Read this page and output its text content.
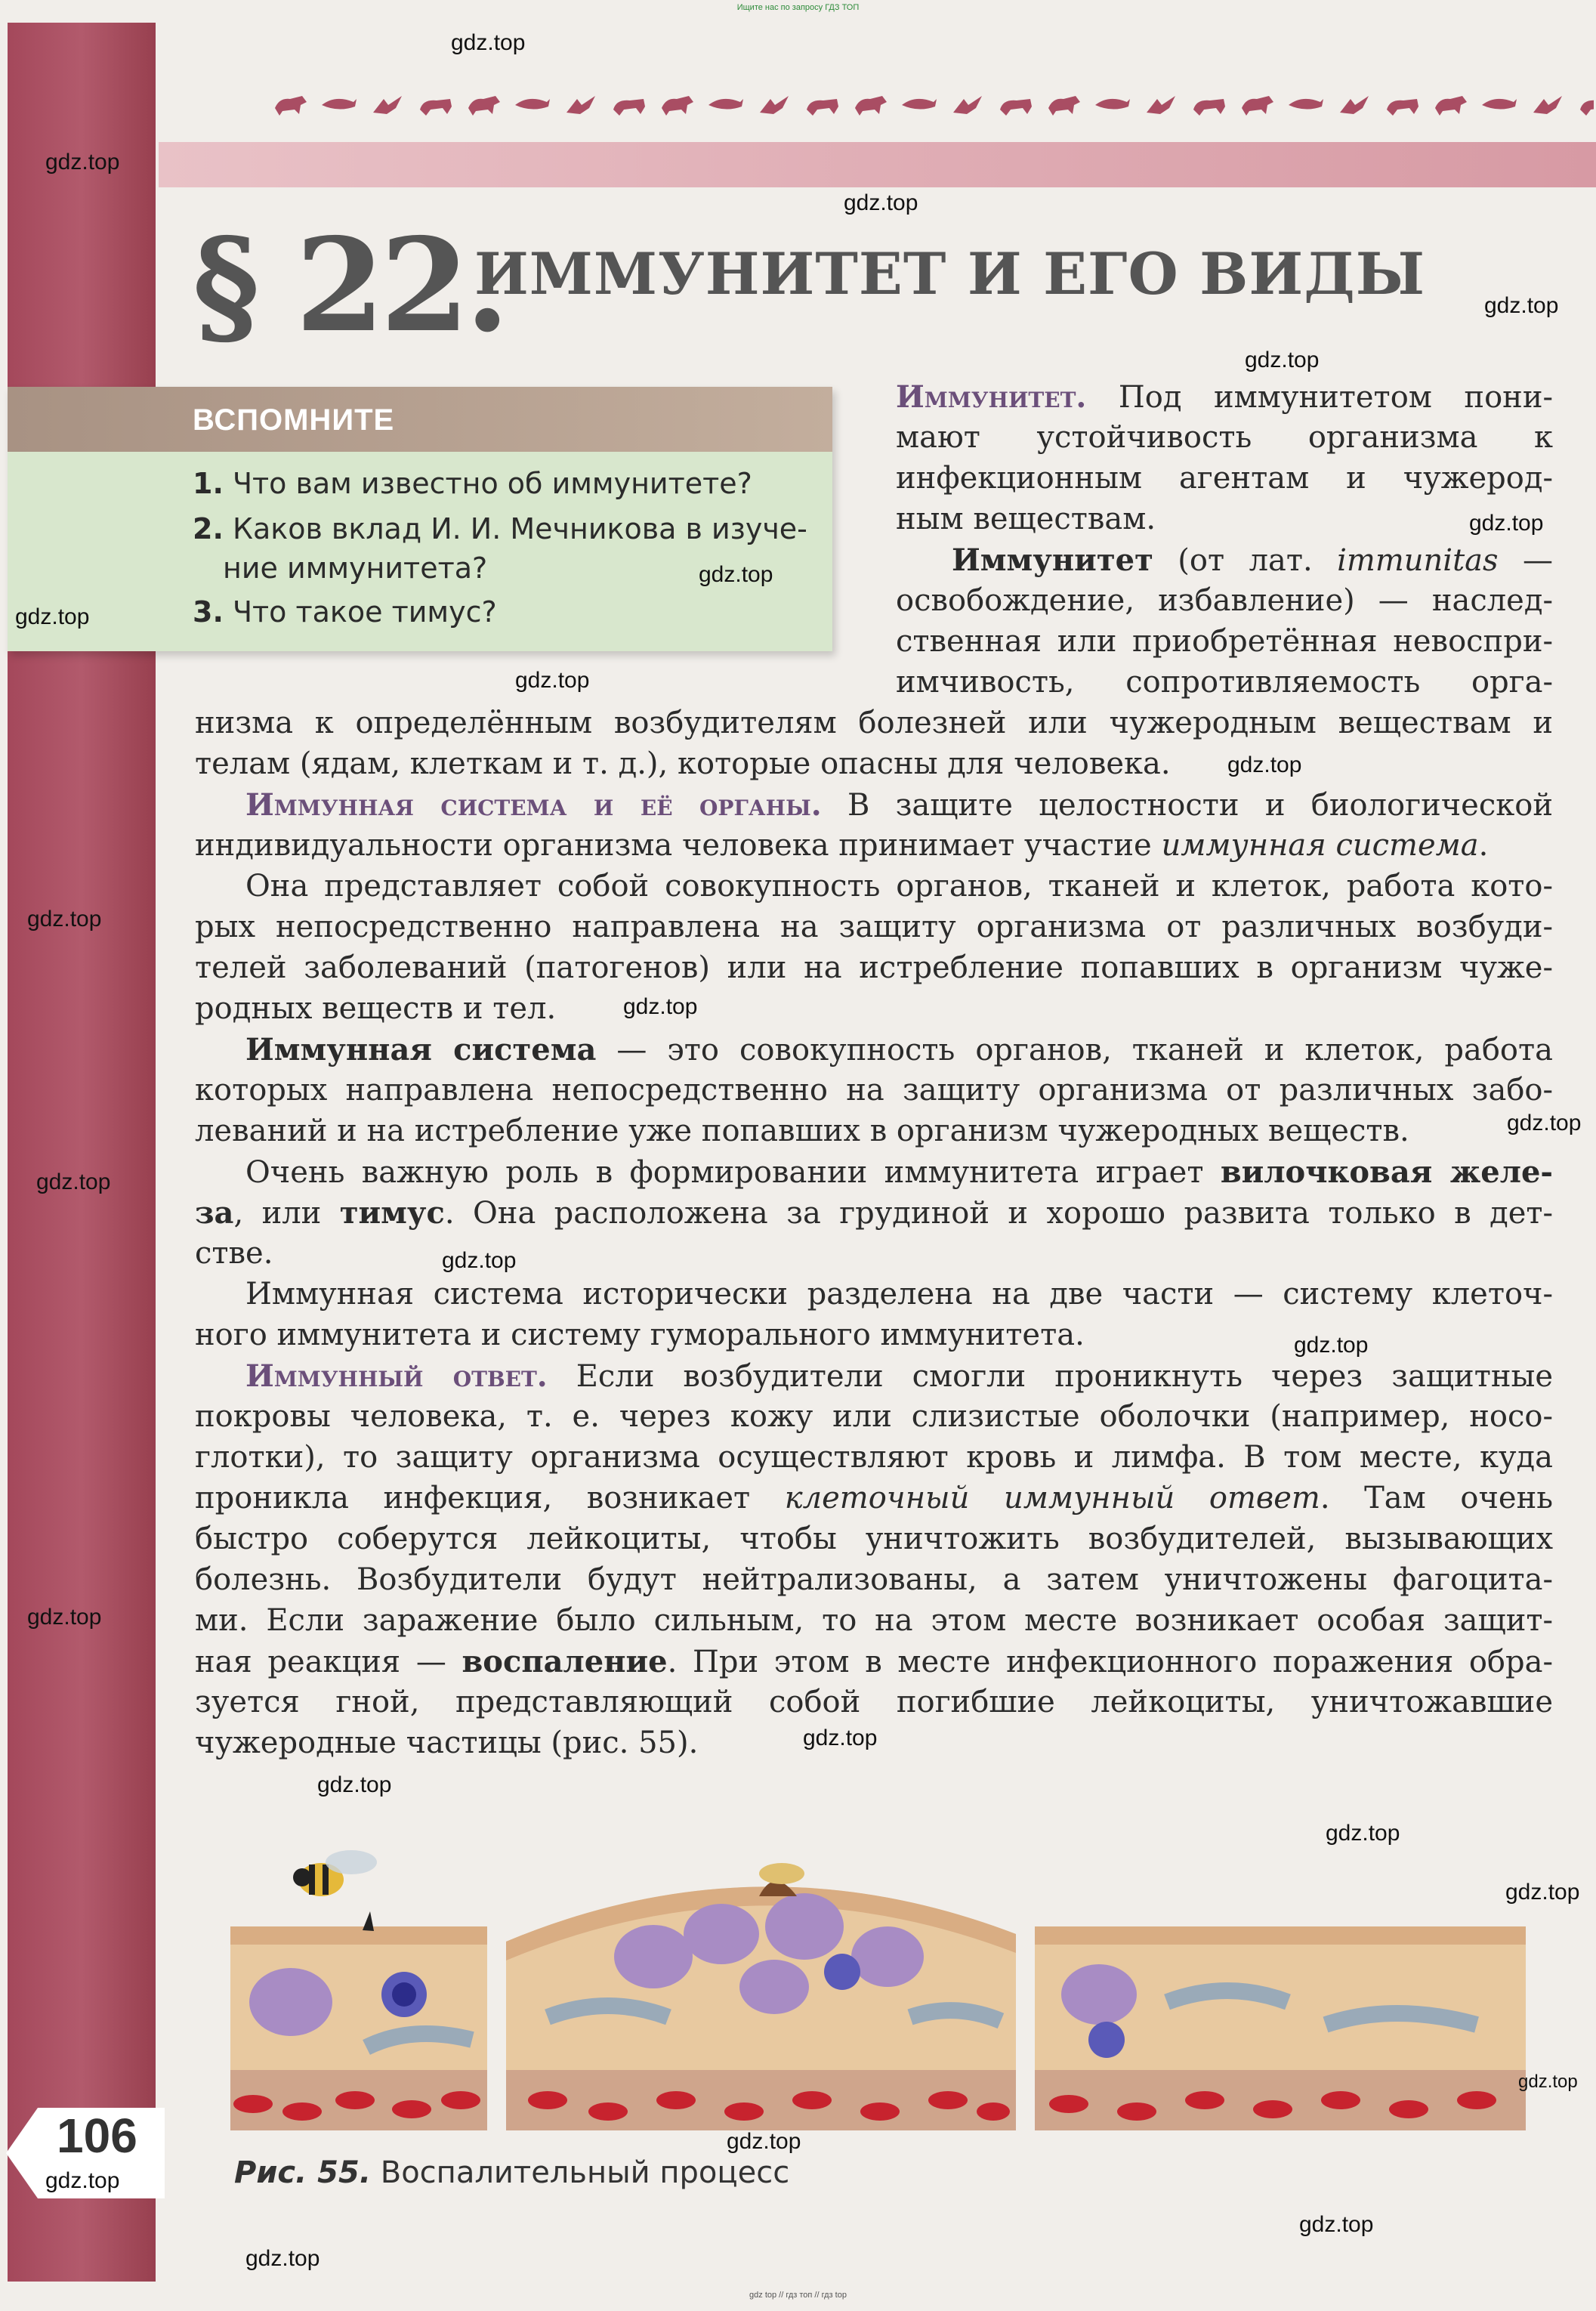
Ищите нас по запросу ГДЗ ТОП
106
§ 22.
ИММУНИТЕТ И ЕГО ВИДЫ
ВСПОМНИТЕ
1. Что вам известно об иммунитете?
2. Каков вклад И. И. Мечникова в изуче-
ние иммунитета?
3. Что такое тимус?
Иммунитет. Под иммунитетом пони-
мают устойчивость организма к
инфекционным агентам и чужерод-
ным веществам.
Иммунитет (от лат. immunitas —
освобождение, избавление) — наслед-
ственная или приобретённая невоспри-
имчивость, сопротивляемость орга-
низма к определённым возбудителям болезней или чужеродным веществам и
телам (ядам, клеткам и т. д.), которые опасны для человека.
Иммунная система и её органы. В защите целостности и биологической
индивидуальности организма человека принимает участие иммунная система.
Она представляет собой совокупность органов, тканей и клеток, работа кото-
рых непосредственно направлена на защиту организма от различных возбуди-
телей заболеваний (патогенов) или на истребление попавших в организм чуже-
родных веществ и тел.
Иммунная система — это совокупность органов, тканей и клеток, работа
которых направлена непосредственно на защиту организма от различных забо-
леваний и на истребление уже попавших в организм чужеродных веществ.
Очень важную роль в формировании иммунитета играет вилочковая желе-
за, или тимус. Она расположена за грудиной и хорошо развита только в дет-
стве.
Иммунная система исторически разделена на две части — систему клеточ-
ного иммунитета и систему гуморального иммунитета.
Иммунный ответ. Если возбудители смогли проникнуть через защитные
покровы человека, т. е. через кожу или слизистые оболочки (например, носо-
глотки), то защиту организма осуществляют кровь и лимфа. В том месте, куда
проникла инфекция, возникает клеточный иммунный ответ. Там очень
быстро соберутся лейкоциты, чтобы уничтожить возбудителей, вызывающих
болезнь. Возбудители будут нейтрализованы, а затем уничтожены фагоцита-
ми. Если заражение было сильным, то на этом месте возникает особая защит-
ная реакция — воспаление. При этом в месте инфекционного поражения обра-
зуется гной, представляющий собой погибшие лейкоциты, уничтожавшие
чужеродные частицы (рис. 55).
Рис. 55. Воспалительный процесс
gdz.top
gdz.top
gdz.top
gdz.top
gdz.top
gdz.top
gdz.top
gdz.top
gdz.top
gdz.top
gdz.top
gdz.top
gdz.top
gdz.top
gdz.top
gdz.top
gdz.top
gdz.top
gdz.top
gdz.top
gdz.top
gdz.top
gdz.top
gdz.top
gdz.top
gdz.top
gdz top // гдз топ // гдз top
